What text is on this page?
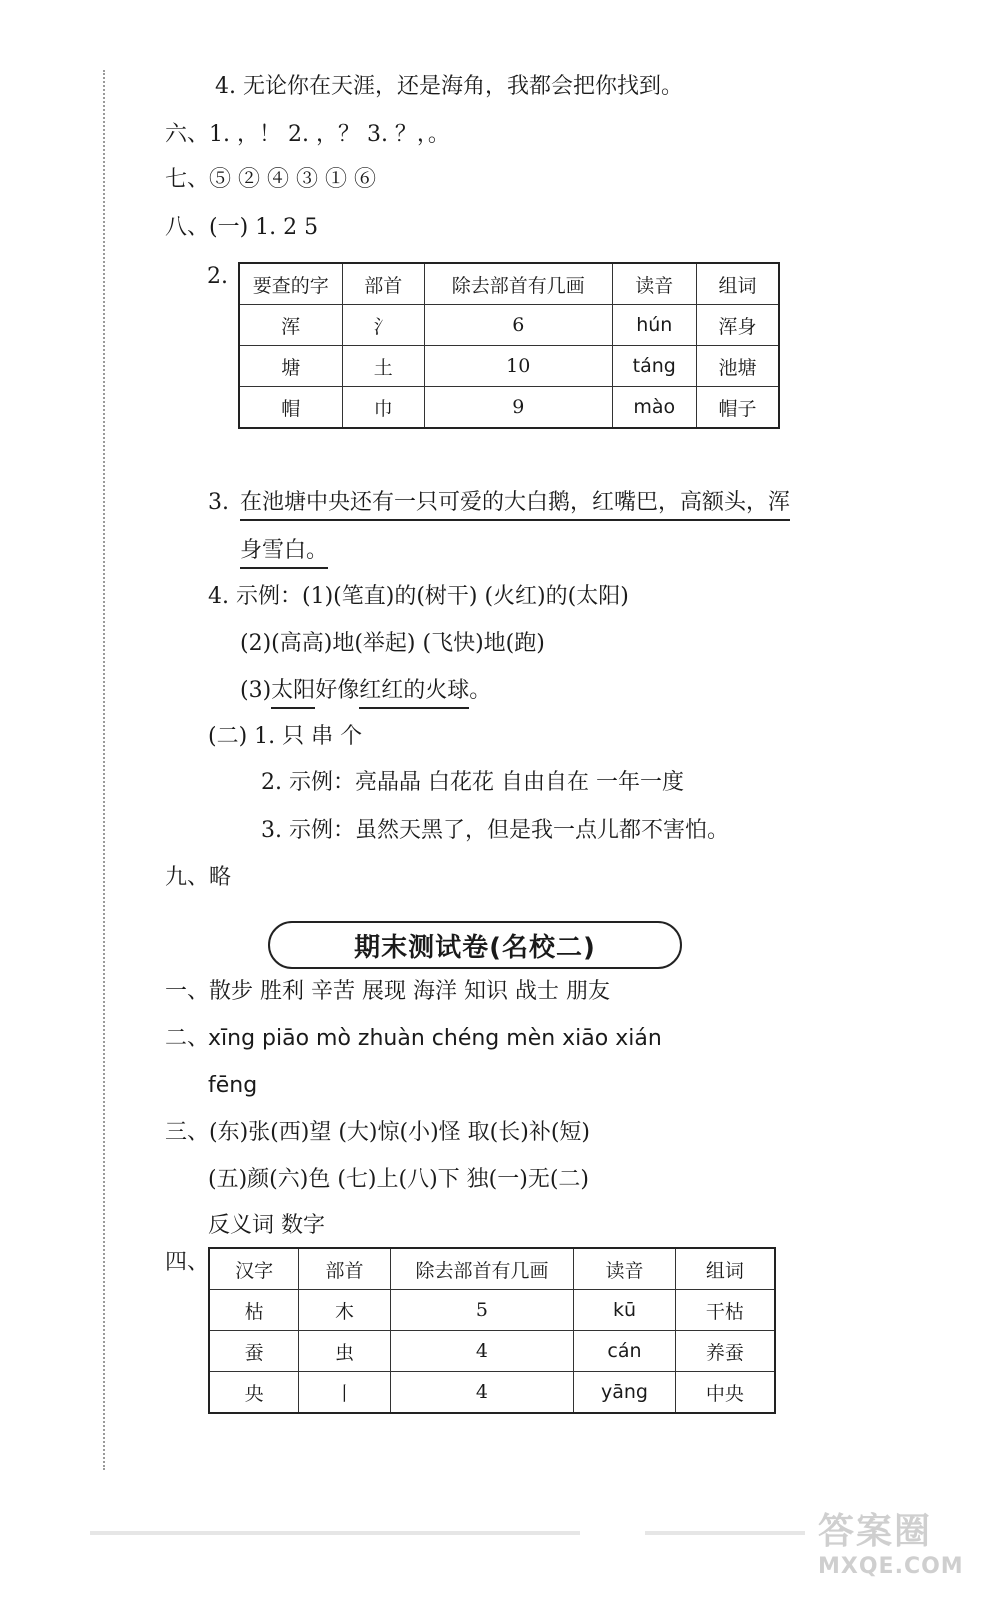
4. 无论你在天涯，还是海角，我都会把你找到。
六、1. ，！ 2. ，？ 3. ？，。
七、⑤ ② ④ ③ ① ⑥
八、(一) 1. 2 5
2. 要查的字	部首	除去部首有几画	读音	组词
浑	氵	6	hún	浑身
塘	土	10	táng	池塘
帽	巾	9	mào	帽子
3. 在池塘中央还有一只可爱的大白鹅，红嘴巴，高额头，浑
身雪白。
4. 示例：(1)(笔直)的(树干) (火红)的(太阳)
(2)(高高)地(举起) (飞快)地(跑)
(3)太阳好像红红的火球。
(二) 1. 只 串 个
2. 示例：亮晶晶 白花花 自由自在 一年一度
3. 示例：虽然天黑了，但是我一点儿都不害怕。
九、略
期末测试卷(名校二)
一、散步 胜利 辛苦 展现 海洋 知识 战士 朋友
二、
xīng piāo mò zhuàn chéng mèn xiāo xián
fēng
三、(东)张(西)望 (大)惊(小)怪 取(长)补(短)
(五)颜(六)色 (七)上(八)下 独(一)无(二)
反义词 数字
四、 汉字	部首	除去部首有几画	读音	组词
枯	木	5	kū	干枯
蚕	虫	4	cán	养蚕
央	丨	4	yāng	中央
答案圈
MXQE.COM
